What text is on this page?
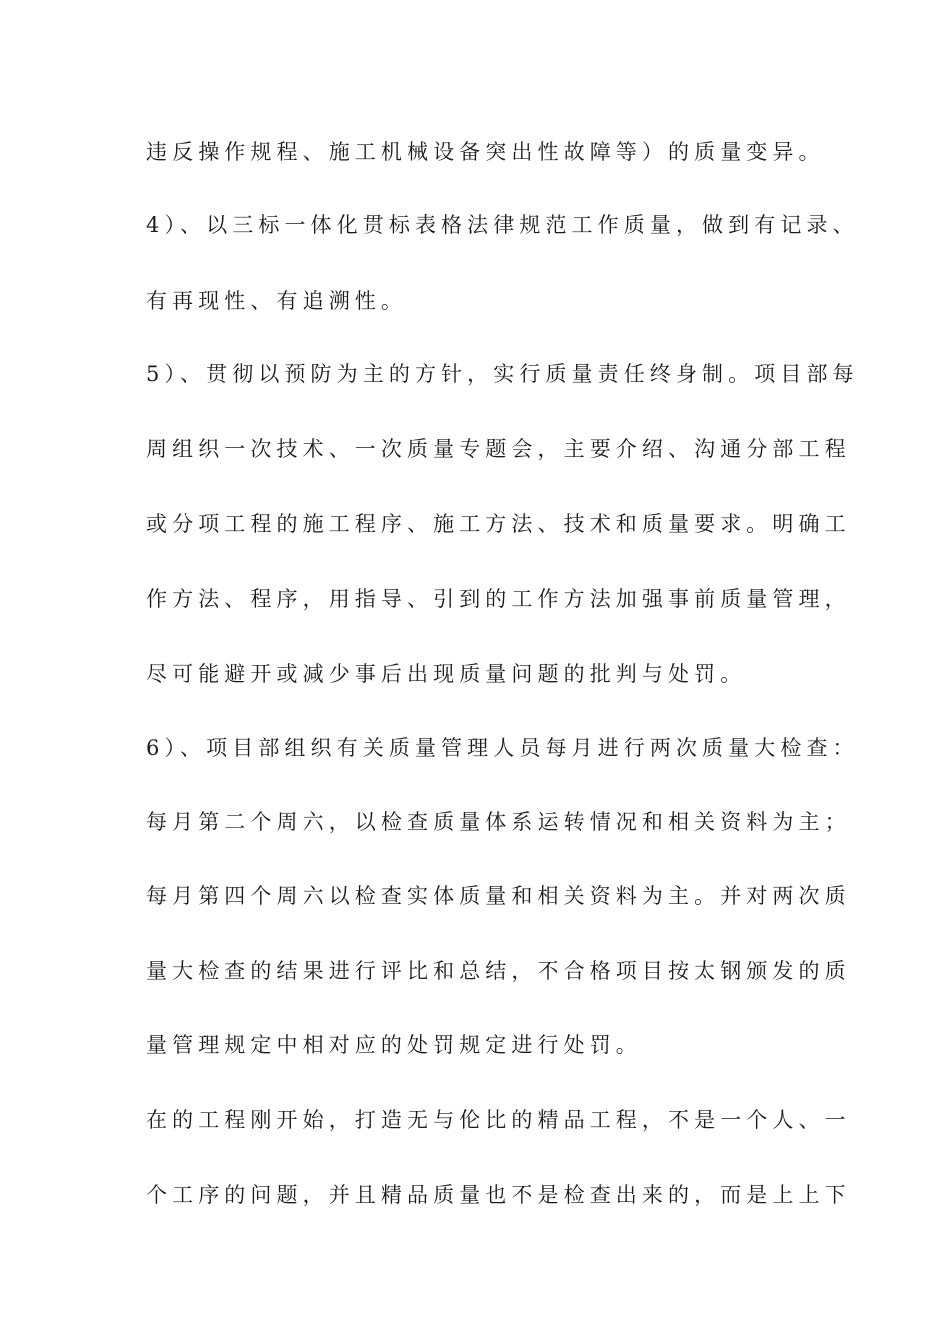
违反操作规程、施工机械设备突出性故障等）的质量变异。
4）、以三标一体化贯标表格法律规范工作质量，做到有记录、
有再现性、有追溯性。
5）、贯彻以预防为主的方针，实行质量责任终身制。项目部每
周组织一次技术、一次质量专题会，主要介绍、沟通分部工程
或分项工程的施工程序、施工方法、技术和质量要求。明确工
作方法、程序，用指导、引到的工作方法加强事前质量管理，
尽可能避开或减少事后出现质量问题的批判与处罚。
6）、项目部组织有关质量管理人员每月进行两次质量大检查：
每月第二个周六，以检查质量体系运转情况和相关资料为主；
每月第四个周六以检查实体质量和相关资料为主。并对两次质
量大检查的结果进行评比和总结，不合格项目按太钢颁发的质
量管理规定中相对应的处罚规定进行处罚。
在的工程刚开始，打造无与伦比的精品工程，不是一个人、一
个工序的问题，并且精品质量也不是检查出来的，而是上上下
